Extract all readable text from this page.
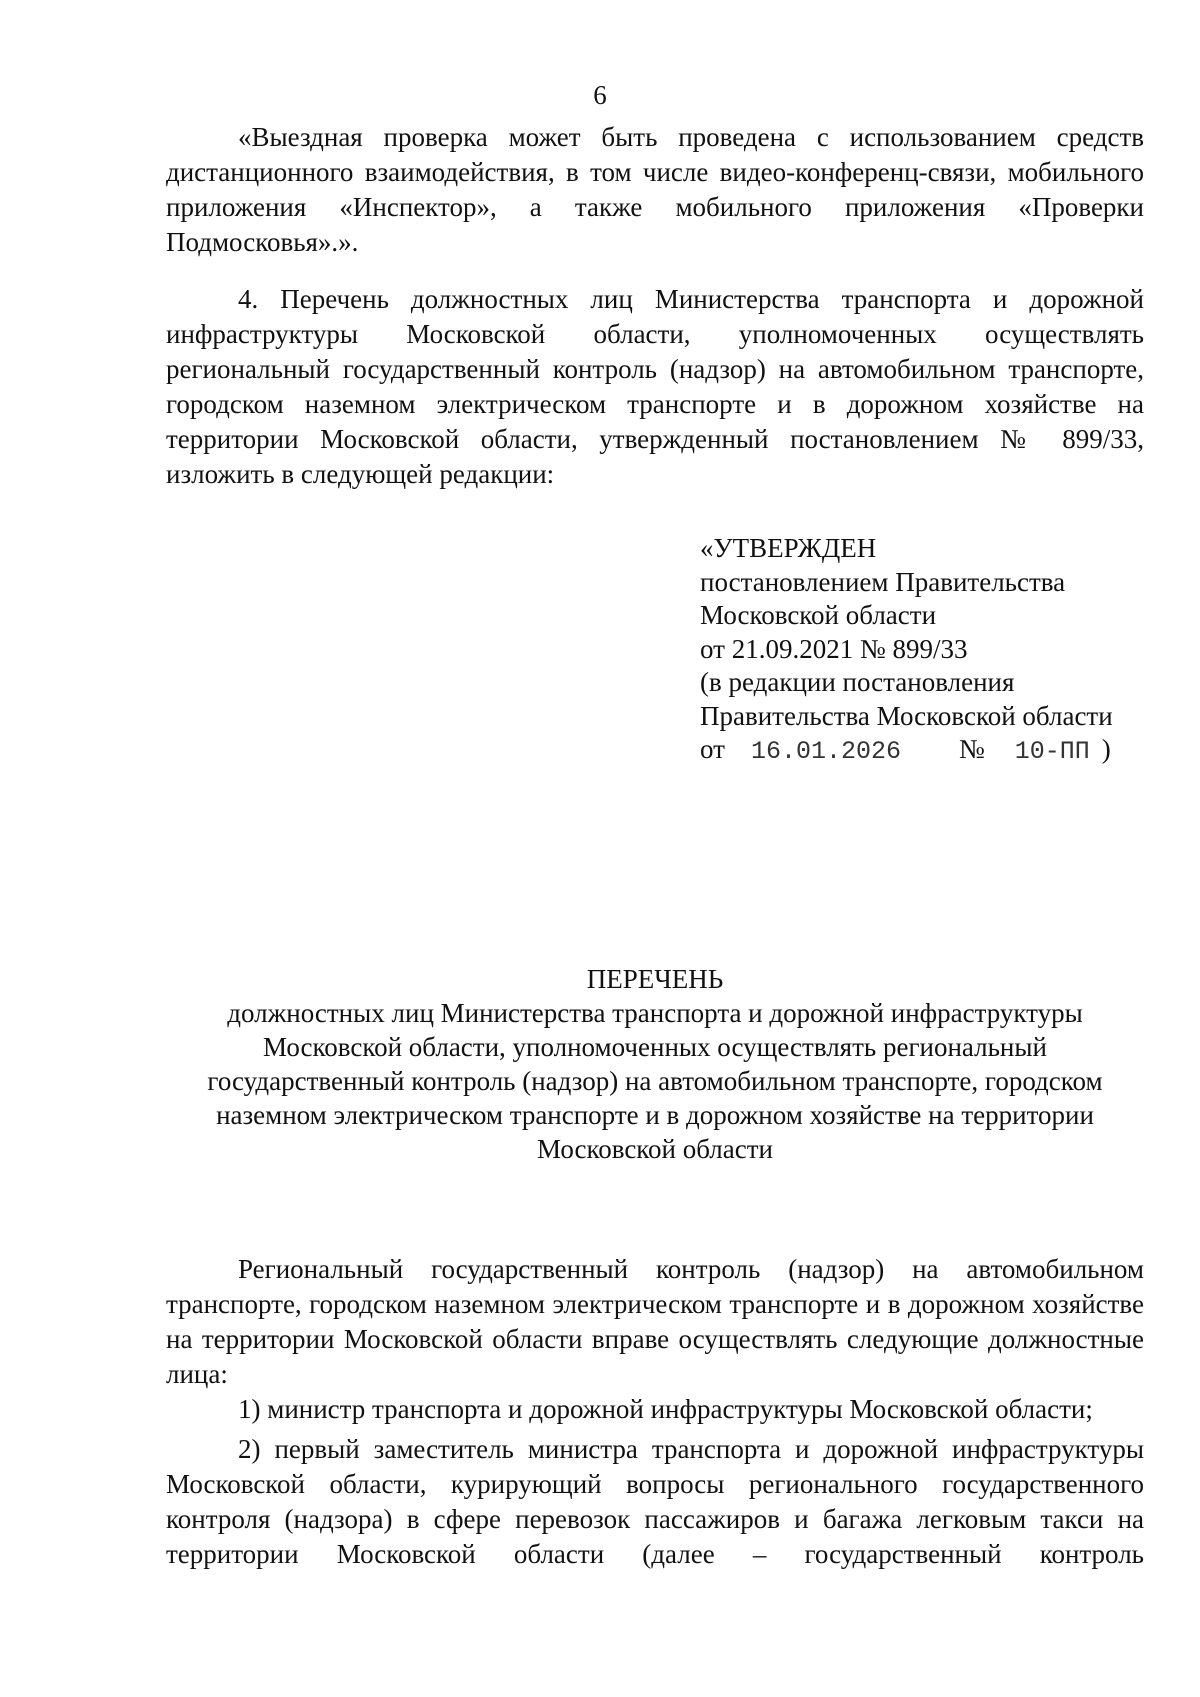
6
«Выездная проверка может быть проведена с использованием средств дистанционного взаимодействия, в том числе видео-конференц-связи, мобильного приложения «Инспектор», а также мобильного приложения «Проверки Подмосковья».».
4. Перечень должностных лиц Министерства транспорта и дорожной инфраструктуры Московской области, уполномоченных осуществлять региональный государственный контроль (надзор) на автомобильном транспорте, городском наземном электрическом транспорте и в дорожном хозяйстве на территории Московской области, утвержденный постановлением № 899/33, изложить в следующей редакции:
«УТВЕРЖДЕН
постановлением Правительства
Московской области
от 21.09.2021 № 899/33
(в редакции постановления
Правительства Московской области
от 16.01.2026 № 10-ПП )
ПЕРЕЧЕНЬ
должностных лиц Министерства транспорта и дорожной инфраструктуры
Московской области, уполномоченных осуществлять региональный
государственный контроль (надзор) на автомобильном транспорте, городском
наземном электрическом транспорте и в дорожном хозяйстве на территории
Московской области
Региональный государственный контроль (надзор) на автомобильном транспорте, городском наземном электрическом транспорте и в дорожном хозяйстве на территории Московской области вправе осуществлять следующие должностные лица:
1) министр транспорта и дорожной инфраструктуры Московской области;
2) первый заместитель министра транспорта и дорожной инфраструктуры Московской области, курирующий вопросы регионального государственного контроля (надзора) в сфере перевозок пассажиров и багажа легковым такси на территории Московской области (далее – государственный контроль
